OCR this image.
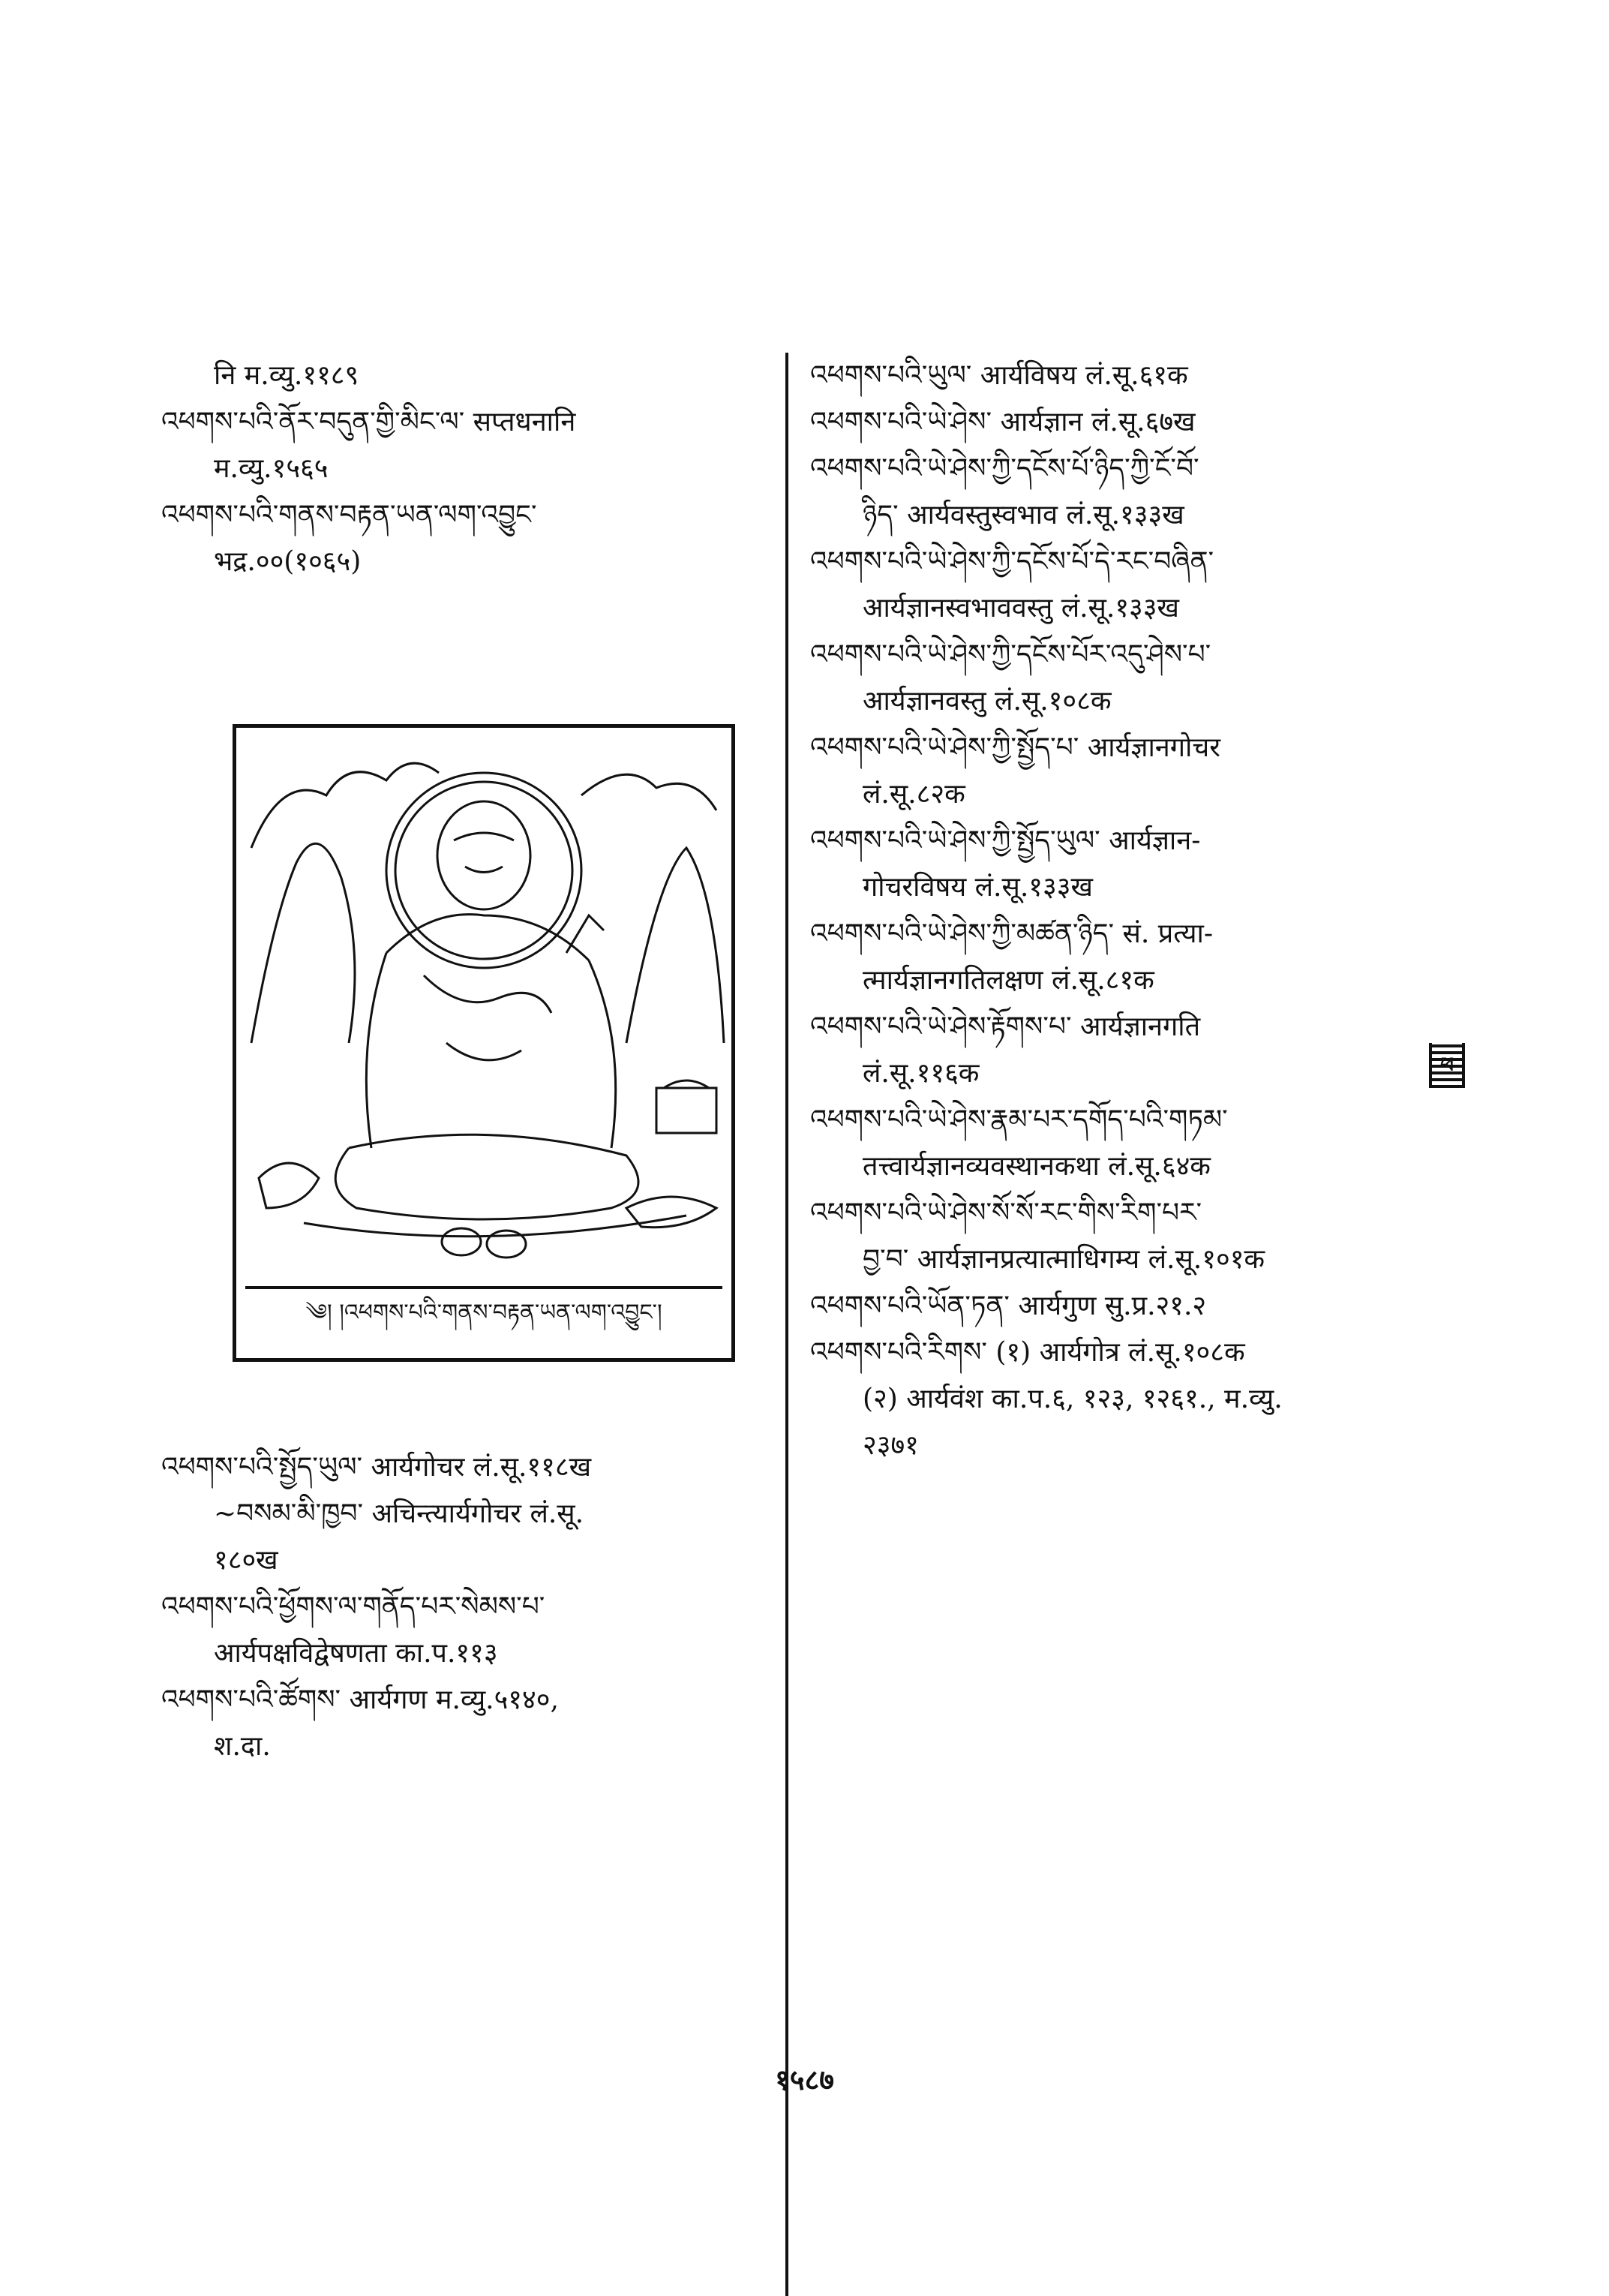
नि म.व्यु.११८९
འཕགས་པའི་ནོར་བདུན་གྱི་མིང་ལ་ सप्तधनानि
म.व्यु.१५६५
འཕགས་པའི་གནས་བརྟན་ཡན་ལག་འབྱུང་
भद्र.००(१०६५)
༄། །འཕགས་པའི་གནས་བརྟན་ཡན་ལག་འབྱུང་།
འཕགས་པའི་སྤྱོད་ཡུལ་ आर्यगोचर लं.सू.११८ख
~བསམ་མི་ཁྱབ་ अचिन्त्यार्यगोचर लं.सू.
१८०ख
འཕགས་པའི་ཕྱོགས་ལ་གནོད་པར་སེམས་པ་
आर्यपक्षविद्वेषणता का.प.११३
འཕགས་པའི་ཚོགས་ आर्यगण म.व्यु.५१४०,
श.दा.
འཕགས་པའི་ཡུལ་ आर्यविषय लं.सू.६१क
འཕགས་པའི་ཡེ་ཤེས་ आर्यज्ञान लं.सू.६७ख
འཕགས་པའི་ཡེ་ཤེས་ཀྱི་དངོས་པོ་ཉིད་ཀྱི་ངོ་བོ་
ཉིད་ आर्यवस्तुस्वभाव लं.सू.१३३ख
འཕགས་པའི་ཡེ་ཤེས་ཀྱི་དངོས་པོ་དེ་རང་བཞིན་
आर्यज्ञानस्वभाववस्तु लं.सू.१३३ख
འཕགས་པའི་ཡེ་ཤེས་ཀྱི་དངོས་པོར་འདུ་ཤེས་པ་
आर्यज्ञानवस्तु लं.सू.१०८क
འཕགས་པའི་ཡེ་ཤེས་ཀྱི་སྤྱོད་པ་ आर्यज्ञानगोचर
लं.सू.८२क
འཕགས་པའི་ཡེ་ཤེས་ཀྱི་སྤྱོད་ཡུལ་ आर्यज्ञान-
गोचरविषय लं.सू.१३३ख
འཕགས་པའི་ཡེ་ཤེས་ཀྱི་མཚན་ཉིད་ सं. प्रत्या-
त्मार्यज्ञानगतिलक्षण लं.सू.८१क
འཕགས་པའི་ཡེ་ཤེས་རྟོགས་པ་ आर्यज्ञानगति
लं.सू.११६क
འཕགས་པའི་ཡེ་ཤེས་རྣམ་པར་དགོད་པའི་གཏམ་
तत्त्वार्यज्ञानव्यवस्थानकथा लं.सू.६४क
འཕགས་པའི་ཡེ་ཤེས་སོ་སོ་རང་གིས་རིག་པར་
བྱ་བ་ आर्यज्ञानप्रत्यात्माधिगम्य लं.सू.१०१क
འཕགས་པའི་ཡོན་ཏན་ आर्यगुण सु.प्र.२१.२
འཕགས་པའི་རིགས་ (१) आर्यगोत्र लं.सू.१०८क
(२) आर्यवंश का.प.६, १२३, १२६१., म.व्यु.
२३७१
ཕ
१५८७
